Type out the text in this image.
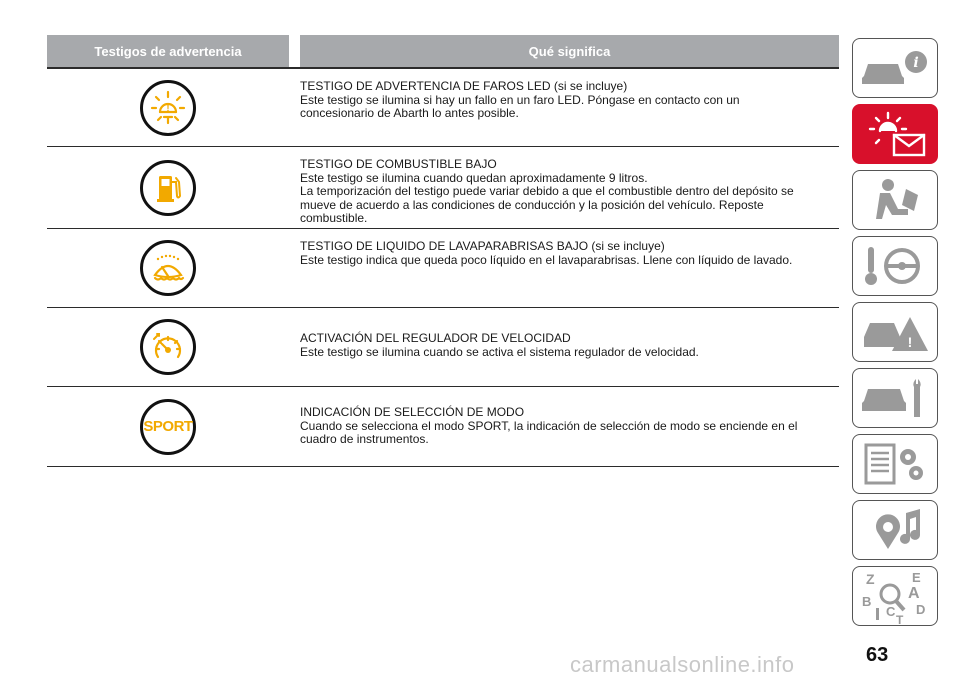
Testigos de advertencia	Qué significa
!
TESTIGO DE ADVERTENCIA DE FAROS LED (si se incluye)
Este testigo se ilumina si hay un fallo en un faro LED. Póngase en contacto con un
concesionario de Abarth lo antes posible.
TESTIGO DE COMBUSTIBLE BAJO
Este testigo se ilumina cuando quedan aproximadamente 9 litros.
La temporización del testigo puede variar debido a que el combustible dentro del depósito se
mueve de acuerdo a las condiciones de conducción y la posición del vehículo. Reposte
combustible.
TESTIGO DE LIQUIDO DE LAVAPARABRISAS BAJO (si se incluye)
Este testigo indica que queda poco líquido en el lavaparabrisas. Llene con líquido de lavado.
ACTIVACIÓN DEL REGULADOR DE VELOCIDAD
Este testigo se ilumina cuando se activa el sistema regulador de velocidad.
SPORT
INDICACIÓN DE SELECCIÓN DE MODO
Cuando se selecciona el modo SPORT, la indicación de selección de modo se enciende en el
cuadro de instrumentos.
i
!
Z	E
A
B
C D
T
63
carmanualsonline.info
